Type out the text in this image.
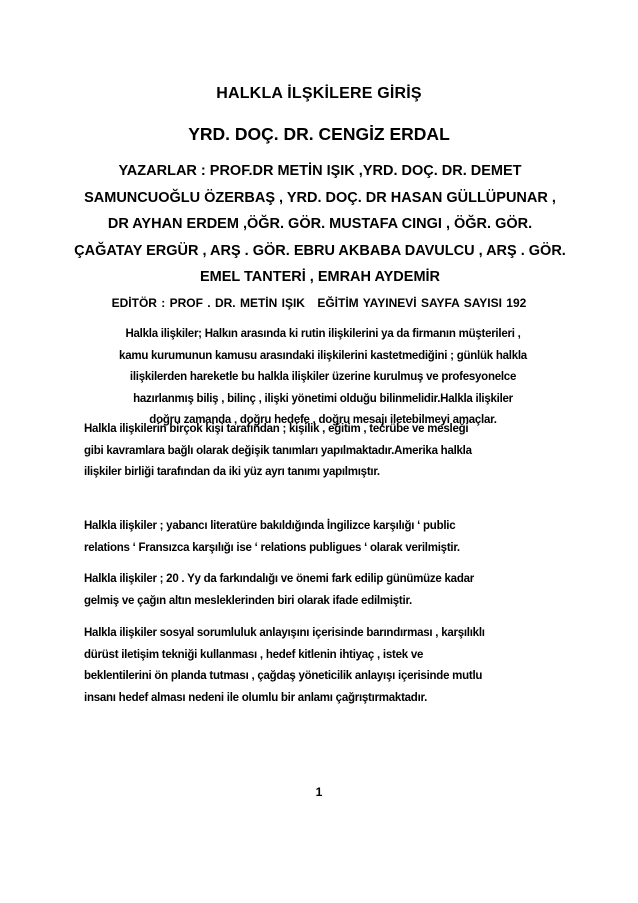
HALKLA İLŞKİLERE GİRİŞ
YRD. DOÇ. DR. CENGİZ ERDAL
YAZARLAR : PROF.DR METİN IŞIK ,YRD. DOÇ. DR. DEMET
SAMUNCUOĞLU ÖZERBAŞ , YRD. DOÇ. DR HASAN GÜLLÜPUNAR ,
DR AYHAN ERDEM ,ÖĞR. GÖR. MUSTAFA CINGI , ÖĞR. GÖR.
ÇAĞATAY ERGÜR , ARŞ . GÖR. EBRU AKBABA DAVULCU , ARŞ . GÖR.
EMEL TANTERİ , EMRAH AYDEMİR
EDİTÖR : PROF . DR. METİN IŞIK EĞİTİM YAYINEVİ SAYFA SAYISI 192
Halkla ilişkiler; Halkın arasında ki rutin ilişkilerini ya da firmanın müşterileri ,
kamu kurumunun kamusu arasındaki ilişkilerini kastetmediğini ; günlük halkla
ilişkilerden hareketle bu halkla ilişkiler üzerine kurulmuş ve profesyonelce
hazırlanmış biliş , bilinç , ilişki yönetimi olduğu bilinmelidir.Halkla ilişkiler
doğru zamanda , doğru hedefe , doğru mesajı iletebilmeyi amaçlar.
Halkla ilişkilerin birçok kişi tarafından ; kişilik , eğitim , tecrübe ve mesleği
gibi kavramlara bağlı olarak değişik tanımları yapılmaktadır.Amerika halkla
ilişkiler birliği tarafından da iki yüz ayrı tanımı yapılmıştır.
Halkla ilişkiler ; yabancı literatüre bakıldığında İngilizce karşılığı ‘ public
relations ‘ Fransızca karşılığı ise ‘ relations publigues ‘ olarak verilmiştir.
Halkla ilişkiler ; 20 . Yy da farkındalığı ve önemi fark edilip günümüze kadar
gelmiş ve çağın altın mesleklerinden biri olarak ifade edilmiştir.
Halkla ilişkiler sosyal sorumluluk anlayışını içerisinde barındırması , karşılıklı
dürüst iletişim tekniği kullanması , hedef kitlenin ihtiyaç , istek ve
beklentilerini ön planda tutması , çağdaş yöneticilik anlayışı içerisinde mutlu
insanı hedef alması nedeni ile olumlu bir anlamı çağrıştırmaktadır.
1
